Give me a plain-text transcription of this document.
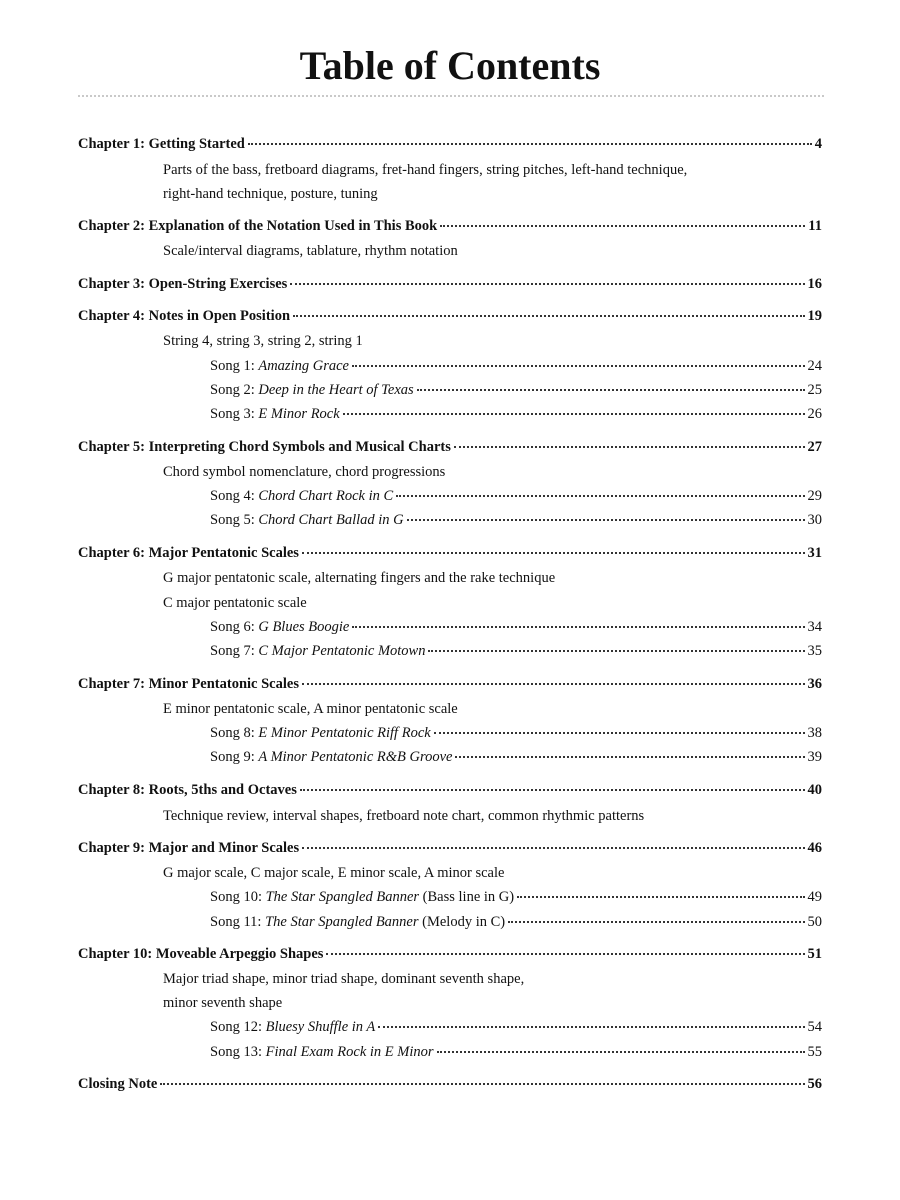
Table of Contents
Chapter 1: Getting Started	4
Parts of the bass, fretboard diagrams, fret-hand fingers, string pitches, left-hand technique,
right-hand technique, posture, tuning
Chapter 2: Explanation of the Notation Used in This Book	11
Scale/interval diagrams, tablature, rhythm notation
Chapter 3: Open-String Exercises	16
Chapter 4: Notes in Open Position	19
String 4, string 3, string 2, string 1
Song 1: Amazing Grace	24
Song 2: Deep in the Heart of Texas	25
Song 3: E Minor Rock	26
Chapter 5: Interpreting Chord Symbols and Musical Charts	27
Chord symbol nomenclature, chord progressions
Song 4: Chord Chart Rock in C	29
Song 5: Chord Chart Ballad in G	30
Chapter 6: Major Pentatonic Scales	31
G major pentatonic scale, alternating fingers and the rake technique
C major pentatonic scale
Song 6: G Blues Boogie	34
Song 7: C Major Pentatonic Motown	35
Chapter 7: Minor Pentatonic Scales	36
E minor pentatonic scale, A minor pentatonic scale
Song 8: E Minor Pentatonic Riff Rock	38
Song 9: A Minor Pentatonic R&B Groove	39
Chapter 8: Roots, 5ths and Octaves	40
Technique review, interval shapes, fretboard note chart, common rhythmic patterns
Chapter 9: Major and Minor Scales	46
G major scale, C major scale, E minor scale, A minor scale
Song 10: The Star Spangled Banner (Bass line in G)	49
Song 11: The Star Spangled Banner (Melody in C)	50
Chapter 10: Moveable Arpeggio Shapes	51
Major triad shape, minor triad shape, dominant seventh shape,
minor seventh shape
Song 12: Bluesy Shuffle in A	54
Song 13: Final Exam Rock in E Minor	55
Closing Note	56
